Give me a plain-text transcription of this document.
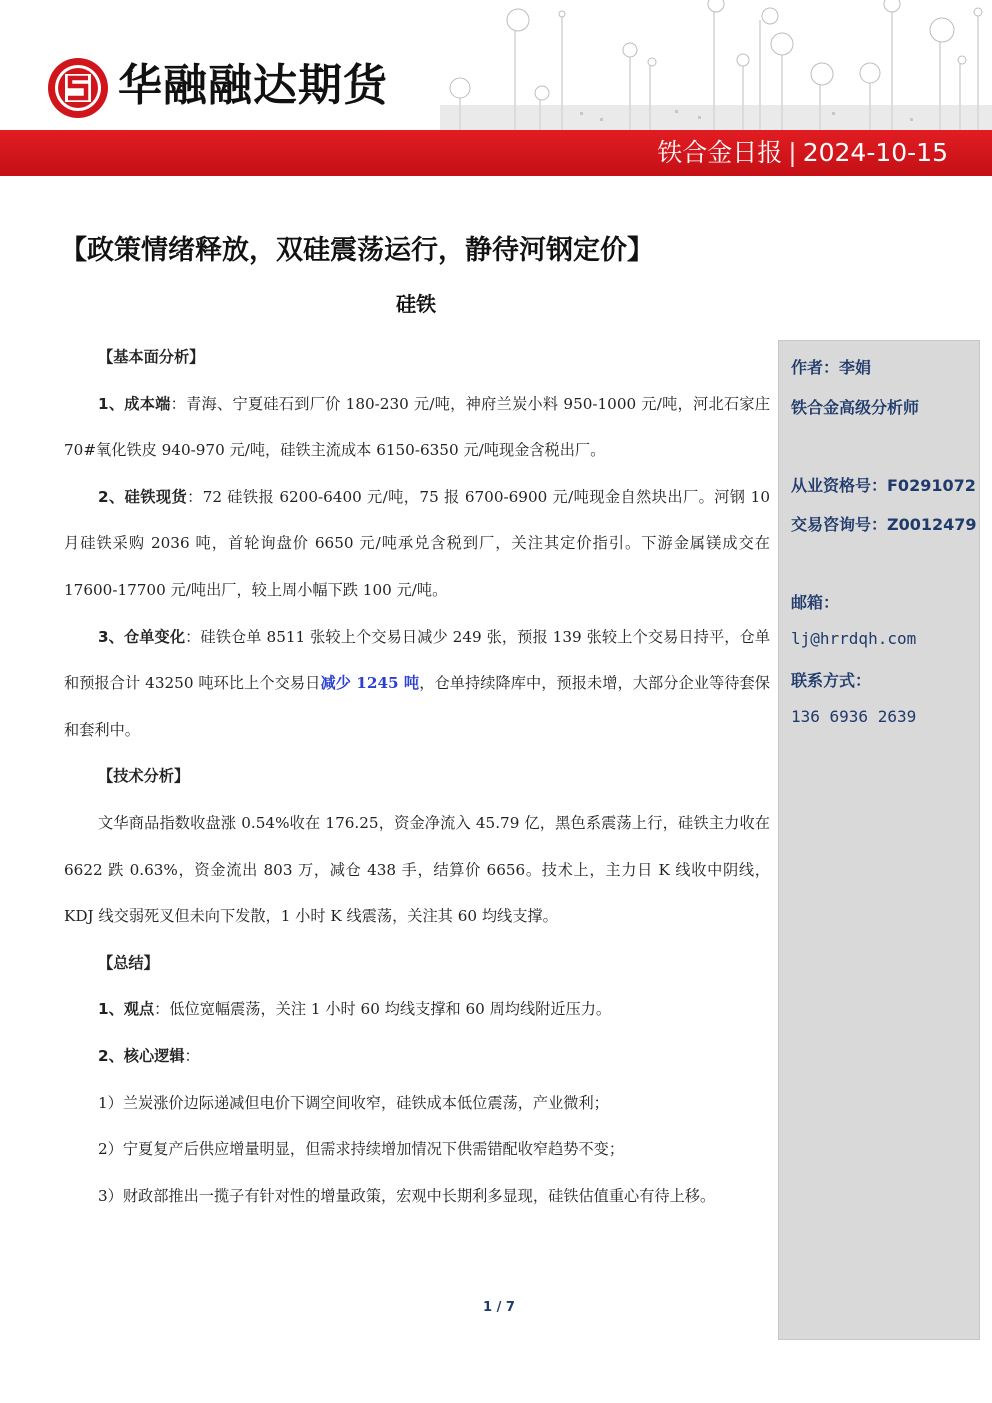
华融融达期货
铁合金日报 | 2024-10-15
【政策情绪释放，双硅震荡运行，静待河钢定价】
硅铁

【基本面分析】

1、成本端：青海、宁夏硅石到厂价 180-230 元/吨，神府兰炭小料 950-1000 元/吨，河北石家庄 70#氧化铁皮 940-970 元/吨，硅铁主流成本 6150-6350 元/吨现金含税出厂。

2、硅铁现货：72 硅铁报 6200-6400 元/吨，75 报 6700-6900 元/吨现金自然块出厂。河钢 10 月硅铁采购 2036 吨，首轮询盘价 6650 元/吨承兑含税到厂，关注其定价指引。下游金属镁成交在 17600-17700 元/吨出厂，较上周小幅下跌 100 元/吨。

3、仓单变化：硅铁仓单 8511 张较上个交易日减少 249 张，预报 139 张较上个交易日持平，仓单和预报合计 43250 吨环比上个交易日减少 1245 吨，仓单持续降库中，预报未增，大部分企业等待套保和套利中。

【技术分析】

文华商品指数收盘涨 0.54%收在 176.25，资金净流入 45.79 亿，黑色系震荡上行，硅铁主力收在 6622 跌 0.63%，资金流出 803 万，减仓 438 手，结算价 6656。技术上，主力日 K 线收中阴线，KDJ 线交弱死叉但未向下发散，1 小时 K 线震荡，关注其 60 均线支撑。

【总结】

1、观点：低位宽幅震荡，关注 1 小时 60 均线支撑和 60 周均线附近压力。

2、核心逻辑：

1）兰炭涨价边际递减但电价下调空间收窄，硅铁成本低位震荡，产业微利；

2）宁夏复产后供应增量明显，但需求持续增加情况下供需错配收窄趋势不变；

3）财政部推出一揽子有针对性的增量政策，宏观中长期利多显现，硅铁估值重心有待上移。

作者：李娟
铁合金高级分析师
从业资格号：F0291072
交易咨询号：Z0012479
邮箱：
lj@hrrdqh.com
联系方式：
136 6936 2639
1 / 7
